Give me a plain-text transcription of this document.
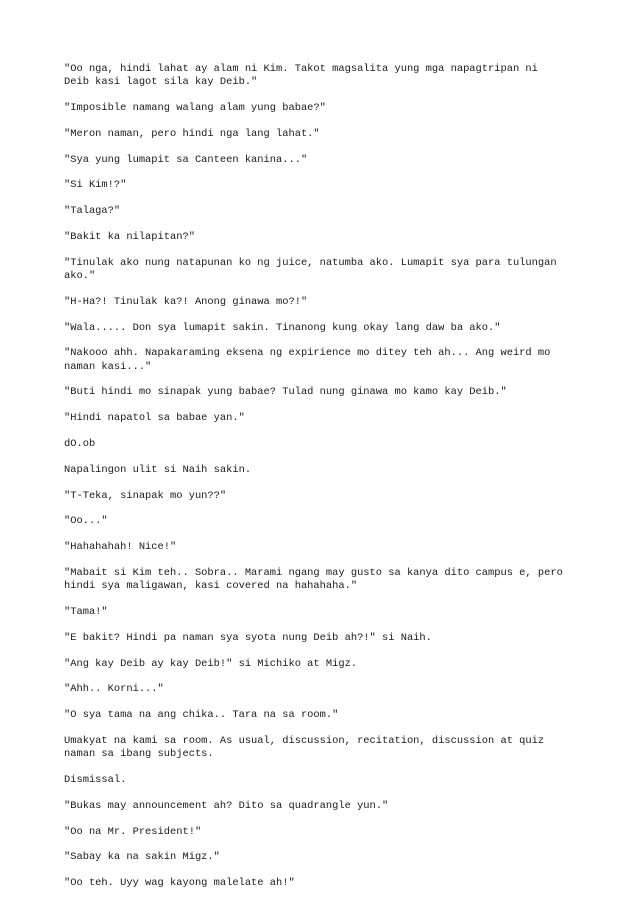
"Oo nga, hindi lahat ay alam ni Kim. Takot magsalita yung mga napagtripan ni
Deib kasi lagot sila kay Deib."

"Imposible namang walang alam yung babae?"

"Meron naman, pero hindi nga lang lahat."

"Sya yung lumapit sa Canteen kanina..."

"Si Kim!?"

"Talaga?"

"Bakit ka nilapitan?"

"Tinulak ako nung natapunan ko ng juice, natumba ako. Lumapit sya para tulungan
ako."

"H-Ha?! Tinulak ka?! Anong ginawa mo?!"

"Wala..... Don sya lumapit sakin. Tinanong kung okay lang daw ba ako."

"Nakooo ahh. Napakaraming eksena ng expirience mo ditey teh ah... Ang weird mo
naman kasi..."

"Buti hindi mo sinapak yung babae? Tulad nung ginawa mo kamo kay Deib."

"Hindi napatol sa babae yan."

dO.ob

Napalingon ulit si Naih sakin.

"T-Teka, sinapak mo yun??"

"Oo..."

"Hahahahah! Nice!"

"Mabait si Kim teh.. Sobra.. Marami ngang may gusto sa kanya dito campus e, pero
hindi sya maligawan, kasi covered na hahahaha."

"Tama!"

"E bakit? Hindi pa naman sya syota nung Deib ah?!" si Naih.

"Ang kay Deib ay kay Deib!" si Michiko at Migz.

"Ahh.. Korni..."

"O sya tama na ang chika.. Tara na sa room."

Umakyat na kami sa room. As usual, discussion, recitation, discussion at quiz
naman sa ibang subjects.

Dismissal.

"Bukas may announcement ah? Dito sa quadrangle yun."

"Oo na Mr. President!"

"Sabay ka na sakin Migz."

"Oo teh. Uyy wag kayong malelate ah!"
